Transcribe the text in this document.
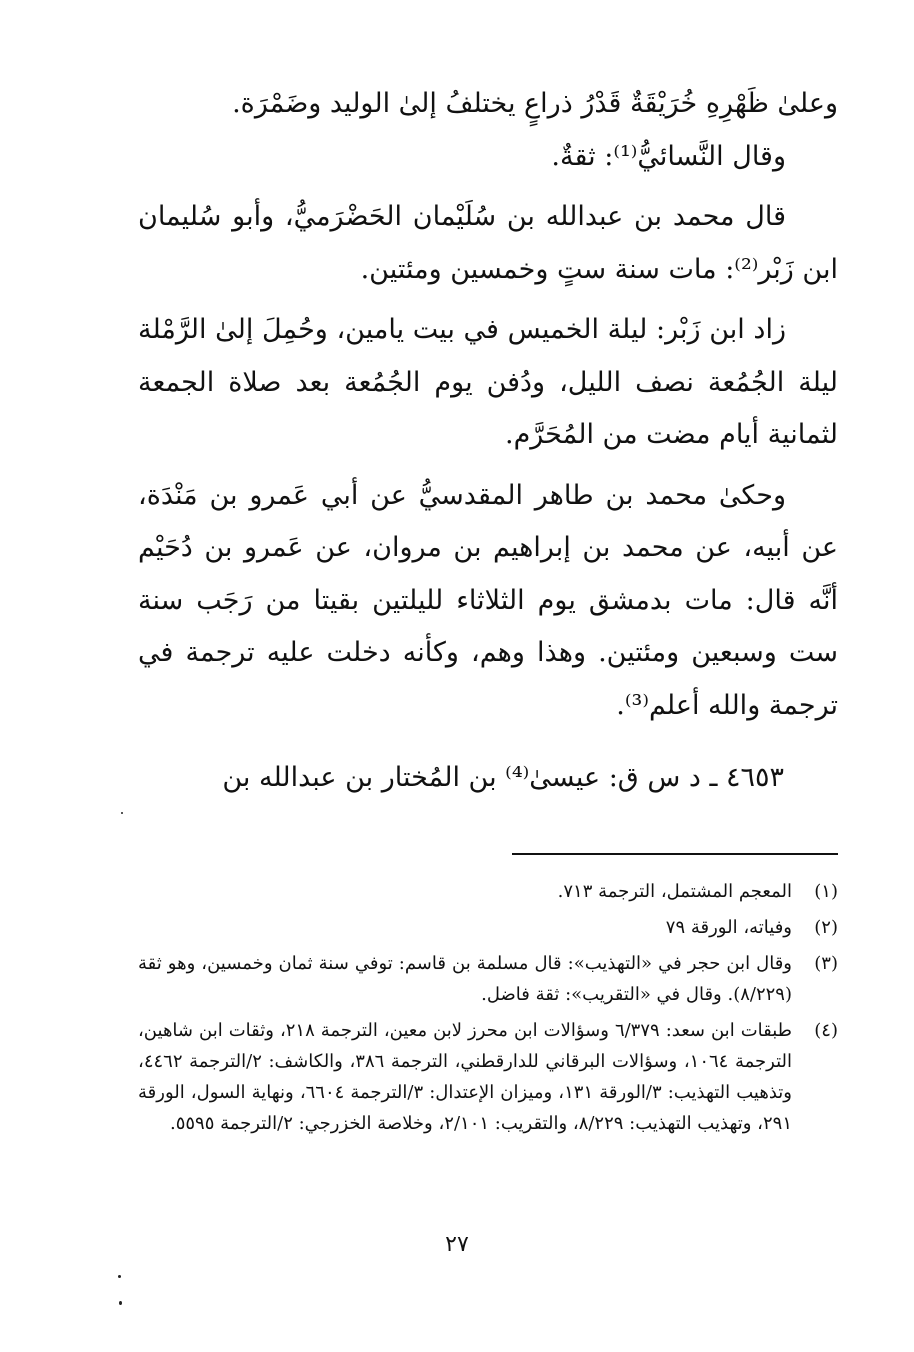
وعلىٰ ظَهْرِهِ خُرَيْقَةٌ قَدْرُ ذراعٍ يختلفُ إلىٰ الوليد وضَمْرَة.

وقال النَّسائيُّ⁽¹⁾: ثقةٌ.

قال محمد بن عبدالله بن سُلَيْمان الحَضْرَميُّ، وأبو سُليمان ابن زَبْر⁽²⁾: مات سنة ستٍ وخمسين ومئتين.

زاد ابن زَبْر: ليلة الخميس في بيت يامين، وحُمِلَ إلىٰ الرَّمْلة ليلة الجُمُعة نصف الليل، ودُفن يوم الجُمُعة بعد صلاة الجمعة لثمانية أيام مضت من المُحَرَّم.

وحكىٰ محمد بن طاهر المقدسيُّ عن أبي عَمرو بن مَنْدَة، عن أبيه، عن محمد بن إبراهيم بن مروان، عن عَمرو بن دُحَيْم أنَّه قال: مات بدمشق يوم الثلاثاء لليلتين بقيتا من رَجَب سنة ست وسبعين ومئتين. وهذا وهم، وكأنه دخلت عليه ترجمة في ترجمة والله أعلم⁽³⁾.

٤٦٥٣ ـ د س ق: عيسىٰ⁽⁴⁾ بن المُختار بن عبدالله بن
(١)
المعجم المشتمل، الترجمة ٧١٣.
(٢)
وفياته، الورقة ٧٩
(٣)
وقال ابن حجر في «التهذيب»: قال مسلمة بن قاسم: توفي سنة ثمان وخمسين، وهو ثقة (٨/٢٢٩). وقال في «التقريب»: ثقة فاضل.
(٤)
طبقات ابن سعد: ٦/٣٧٩ وسؤالات ابن محرز لابن معين، الترجمة ٢١٨، وثقات ابن شاهين، الترجمة ١٠٦٤، وسؤالات البرقاني للدارقطني، الترجمة ٣٨٦، والكاشف: ٢/الترجمة ٤٤٦٢، وتذهيب التهذيب: ٣/الورقة ١٣١، وميزان الإعتدال: ٣/الترجمة ٦٦٠٤، ونهاية السول، الورقة ٢٩١، وتهذيب التهذيب: ٨/٢٢٩، والتقريب: ٢/١٠١، وخلاصة الخزرجي: ٢/الترجمة ٥٥٩٥.
٢٧
